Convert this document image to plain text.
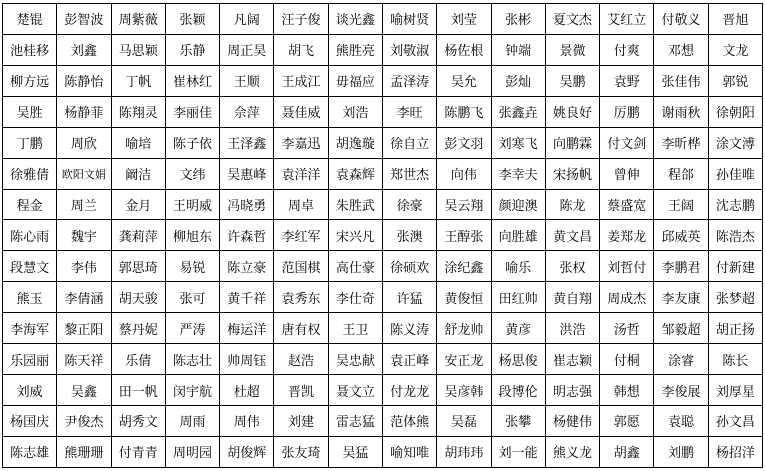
楚锟	彭智波	周紫薇	张颖	凡阔	汪子俊	谈光鑫	喻树贤	刘莹	张彬	夏文杰	艾红立	付敬义	晋旭
池桂移	刘鑫	马思颖	乐静	周正昊	胡飞	熊胜亮	刘敬淑	杨佐根	钟端	景微	付爽	邓想	文龙
柳方远	陈静怡	丁帆	崔林红	王顺	王成江	毋福应	孟泽涛	吴允	彭灿	吴鹏	袁野	张佳伟	郭锐
吴胜	杨静菲	陈翔灵	李丽佳	佘萍	聂佳威	刘浩	李旺	陈鹏飞	张鑫垚	姚良好	厉鹏	谢雨秋	徐朝阳
丁鹏	周欣	喻培	陈子依	王泽鑫	李嘉迅	胡逸璇	徐自立	彭文羽	刘寒飞	向鹏霖	付文剑	李昕桦	涂文溥
徐雅倩	欧阳文娟	阚洁	文纬	吴惠峰	袁洋洋	袁森辉	郑世杰	向伟	李幸夫	宋扬帆	曾伸	程郃	孙佳唯
程金	周兰	金月	王明威	冯晓勇	周卓	朱胜武	徐豪	吴云翔	颜迎澳	陈龙	蔡盛宽	王阔	沈志鹏
陈心雨	魏宇	龚莉萍	柳旭东	许森哲	李红军	宋兴凡	张澳	王醇张	向胜雄	黄文昌	姜郑龙	邱威英	陈浩杰
段慧文	李伟	郭思琦	易锐	陈立豪	范国棋	高仕豪	徐硕欢	涂纪鑫	喻乐	张权	刘哲付	李鹏君	付新建
熊玉	李倩涵	胡天骏	张可	黄千祥	袁秀东	李仕奇	许猛	黄俊恒	田红帅	黄自翔	周成杰	李友康	张梦超
李海军	黎正阳	蔡丹妮	严涛	梅运洋	唐有权	王卫	陈义涛	舒龙帅	黄彦	洪浩	汤哲	邹毅超	胡正扬
乐园丽	陈天祥	乐倩	陈志壮	帅周钰	赵浩	吴忠献	袁正峰	安正龙	杨思俊	崔志颖	付桐	涂睿	陈长
刘威	吴鑫	田一帆	闵宇航	杜超	晋凯	聂文立	付龙龙	吴彦韩	段博伦	明志强	韩想	李俊展	刘厚星
杨国庆	尹俊杰	胡秀文	周雨	周伟	刘建	雷志猛	范体熊	吴磊	张攀	杨健伟	郭愿	袁聪	孙文昌
陈志雄	熊珊珊	付青青	周明园	胡俊辉	张友琦	吴猛	喻知唯	胡玮玮	刘一能	熊义龙	胡鑫	刘鹏	杨招洋
